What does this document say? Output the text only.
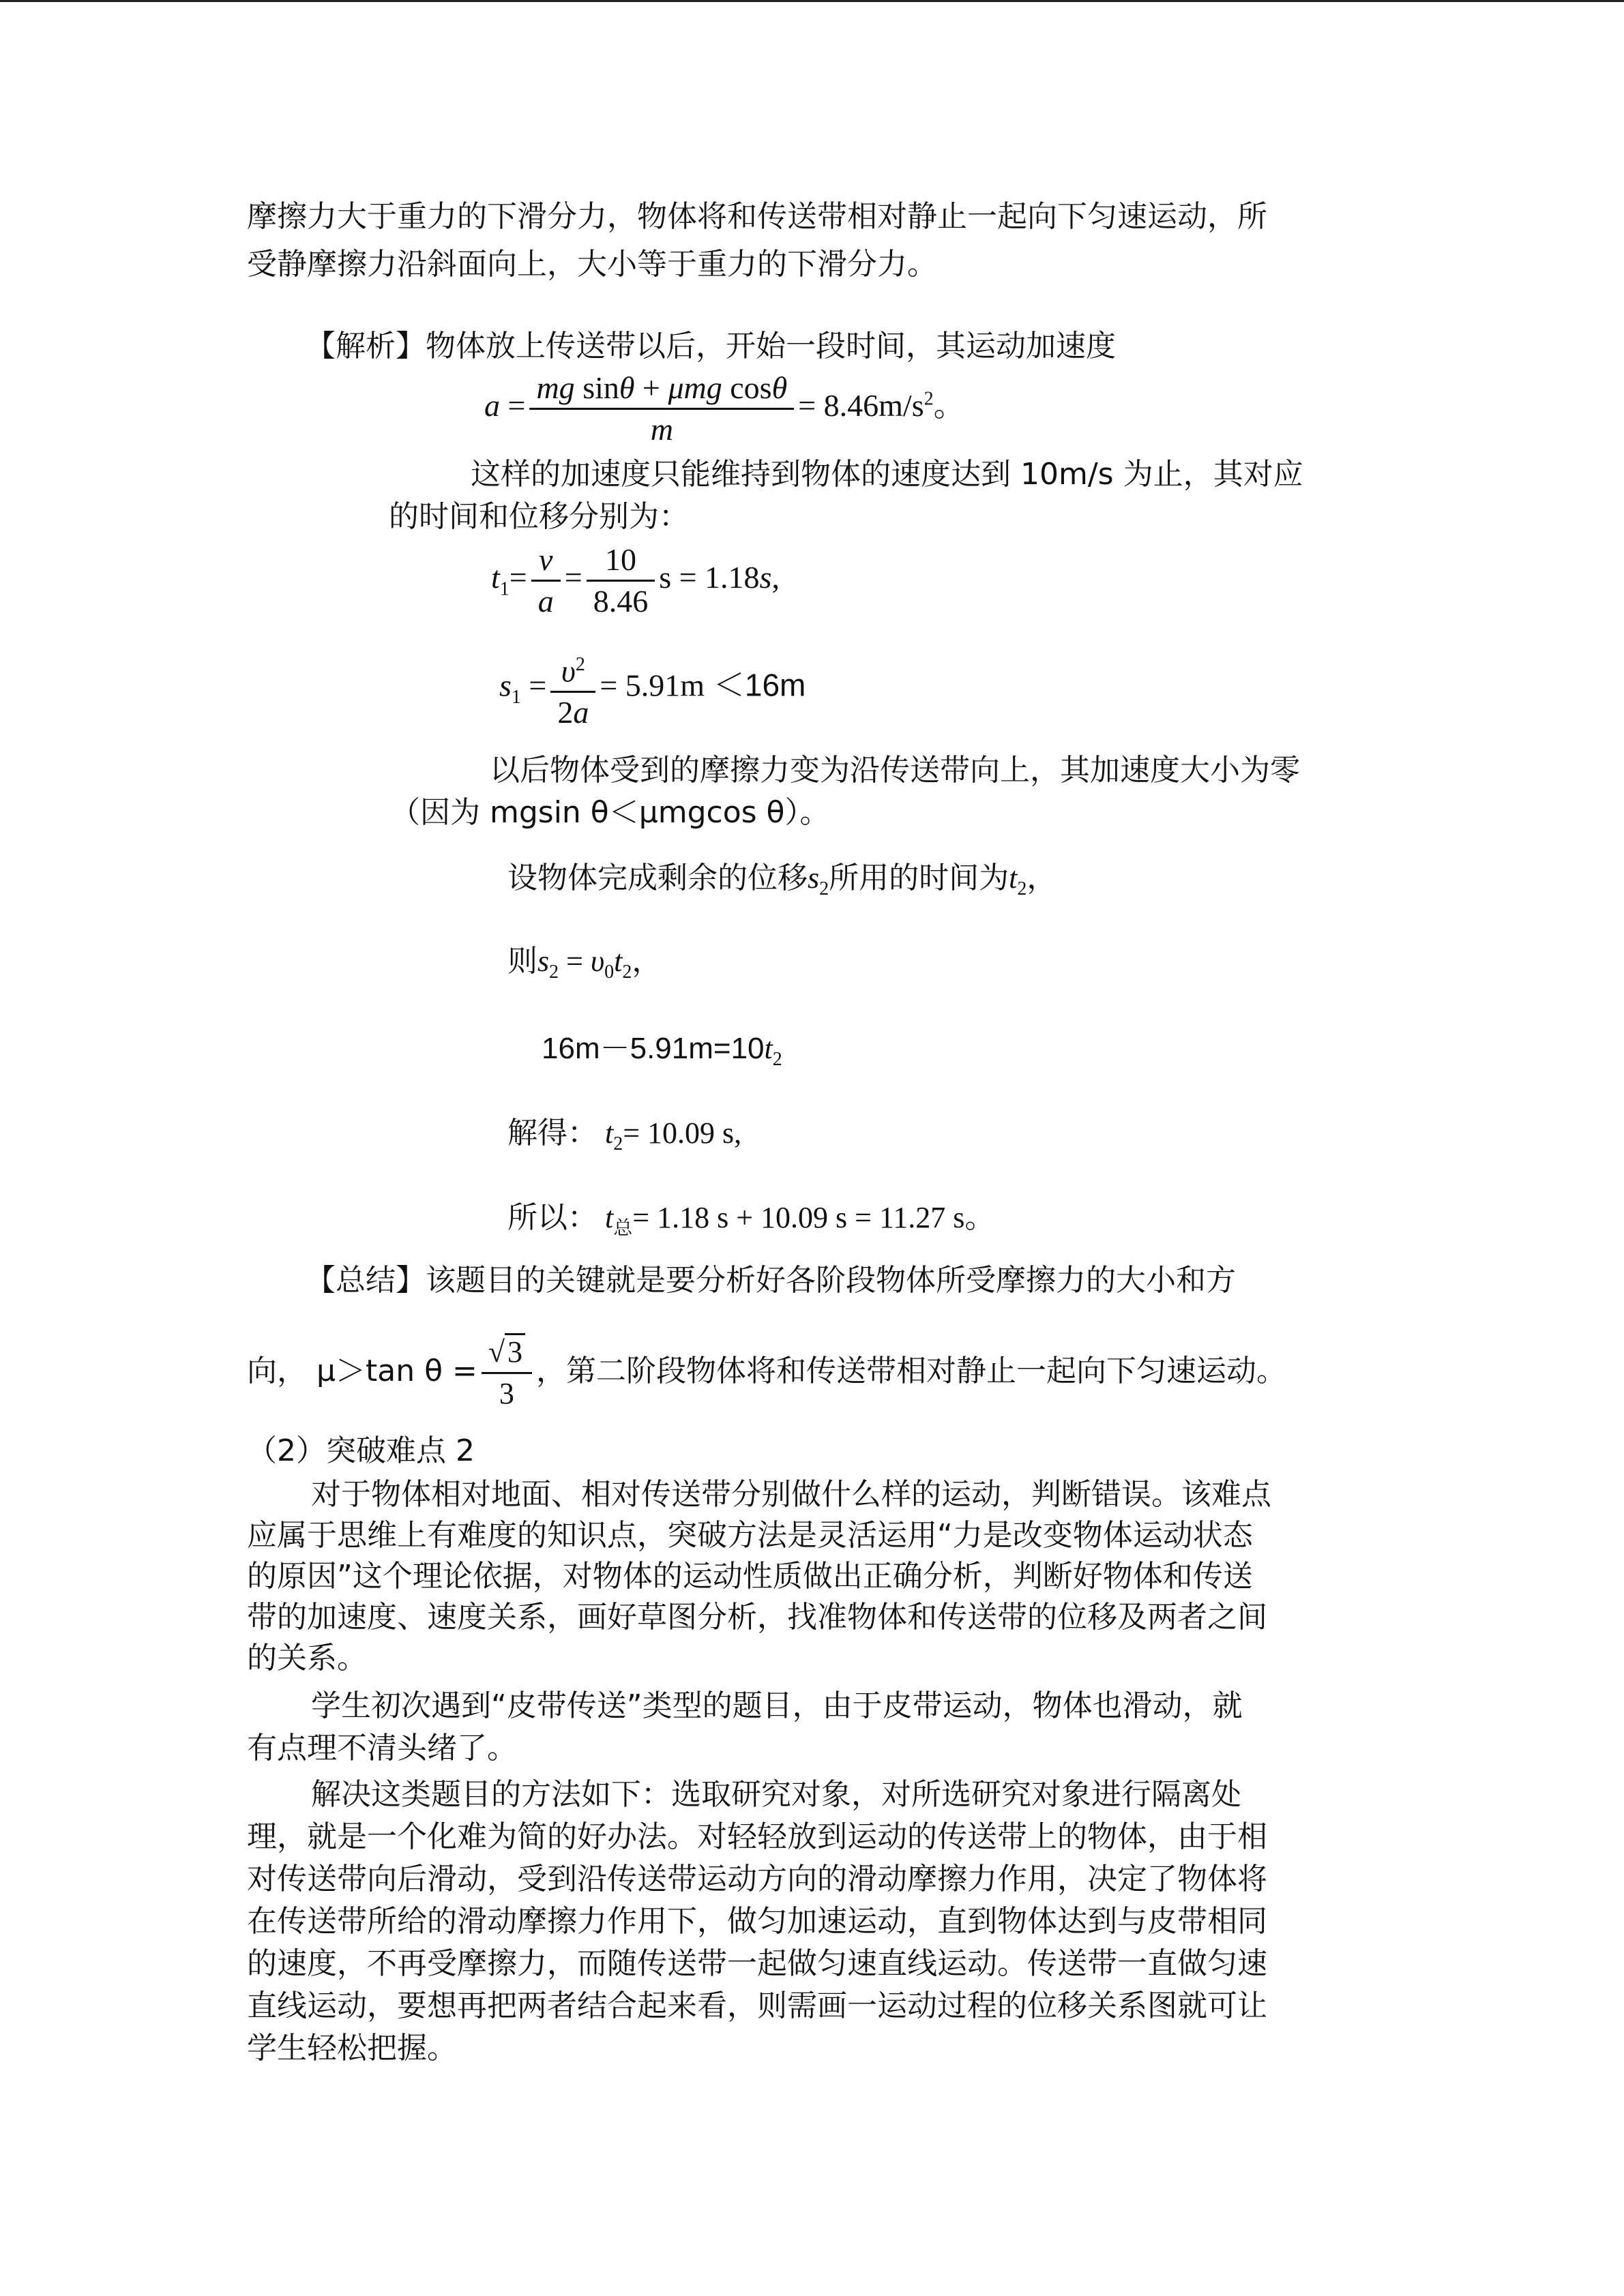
摩擦力大于重力的下滑分力，物体将和传送带相对静止一起向下匀速运动，所
受静摩擦力沿斜面向上，大小等于重力的下滑分力。
【解析】物体放上传送带以后，开始一段时间，其运动加速度
$a = \frac{\text{mg sinθ + μmg cosθ}}{m} = 8.46m/s^2$。
这样的加速度只能维持到物体的速度达到 10m/s 为止，其对应
的时间和位移分别为：
$t_1= \frac{v}{a} = \frac{10}{8.46}$ s = 1.18s,
$s_1 = \frac{\upsilon^2}{2a} = 5.91m <16m$
以后物体受到的摩擦力变为沿传送带向上，其加速度大小为零
（因为 mgsin θ＜μmgcos θ）。
设物体完成剩余的位移$s_2$所用的时间为$t_2$，
则$s_2 = \upsilon_0t_2$，
$16m-5.91m=10t_2$
解得： $t_2= 10.09$ s,
所以： $t_总= 1.18$ s + 10.09 s = 11.27 s。
【总结】该题目的关键就是要分析好各阶段物体所受摩擦力的大小和方
向， μ＞tan $\theta = \frac{√3}{3}$ ，第二阶段物体将和传送带相对静止一起向下匀速运动。
（2）突破难点 2
对于物体相对地面、相对传送带分别做什么样的运动，判断错误。该难点
应属于思维上有难度的知识点，突破方法是灵活运用“力是改变物体运动状态
的原因”这个理论依据，对物体的运动性质做出正确分析，判断好物体和传送
带的加速度、速度关系，画好草图分析，找准物体和传送带的位移及两者之间
的关系。
学生初次遇到“皮带传送”类型的题目，由于皮带运动，物体也滑动，就
有点理不清头绪了。
解决这类题目的方法如下：选取研究对象，对所选研究对象进行隔离处
理，就是一个化难为简的好办法。对轻轻放到运动的传送带上的物体，由于相
对传送带向后滑动，受到沿传送带运动方向的滑动摩擦力作用，决定了物体将
在传送带所给的滑动摩擦力作用下，做匀加速运动，直到物体达到与皮带相同
的速度，不再受摩擦力，而随传送带一起做匀速直线运动。传送带一直做匀速
直线运动，要想再把两者结合起来看，则需画一运动过程的位移关系图就可让
学生轻松把握。
